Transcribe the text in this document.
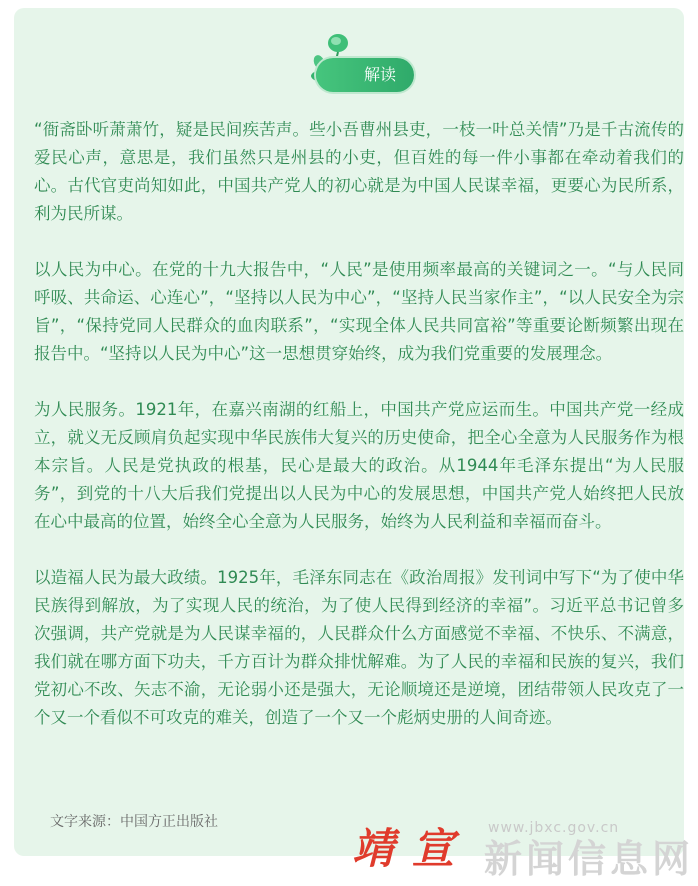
解读

“衙斋卧听萧萧竹，疑是民间疾苦声。些小吾曹州县吏，一枝一叶总关情”乃是千古流传的爱民心声，意思是，我们虽然只是州县的小吏，但百姓的每一件小事都在牵动着我们的心。古代官吏尚知如此，中国共产党人的初心就是为中国人民谋幸福，更要心为民所系，利为民所谋。

以人民为中心。在党的十九大报告中，“人民”是使用频率最高的关键词之一。“与人民同呼吸、共命运、心连心”，“坚持以人民为中心”，“坚持人民当家作主”，“以人民安全为宗旨”，“保持党同人民群众的血肉联系”，“实现全体人民共同富裕”等重要论断频繁出现在报告中。“坚持以人民为中心”这一思想贯穿始终，成为我们党重要的发展理念。

为人民服务。1921年，在嘉兴南湖的红船上，中国共产党应运而生。中国共产党一经成立，就义无反顾肩负起实现中华民族伟大复兴的历史使命，把全心全意为人民服务作为根本宗旨。人民是党执政的根基，民心是最大的政治。从1944年毛泽东提出“为人民服务”，到党的十八大后我们党提出以人民为中心的发展思想，中国共产党人始终把人民放在心中最高的位置，始终全心全意为人民服务，始终为人民利益和幸福而奋斗。

以造福人民为最大政绩。1925年，毛泽东同志在《政治周报》发刊词中写下“为了使中华民族得到解放，为了实现人民的统治，为了使人民得到经济的幸福”。习近平总书记曾多次强调，共产党就是为人民谋幸福的，人民群众什么方面感觉不幸福、不快乐、不满意，我们就在哪方面下功夫，千方百计为群众排忧解难。为了人民的幸福和民族的复兴，我们党初心不改、矢志不渝，无论弱小还是强大，无论顺境还是逆境，团结带领人民攻克了一个又一个看似不可攻克的难关，创造了一个又一个彪炳史册的人间奇迹。

文字来源：中国方正出版社	www.jbxc.gov.cn
靖宣 新闻信息网
